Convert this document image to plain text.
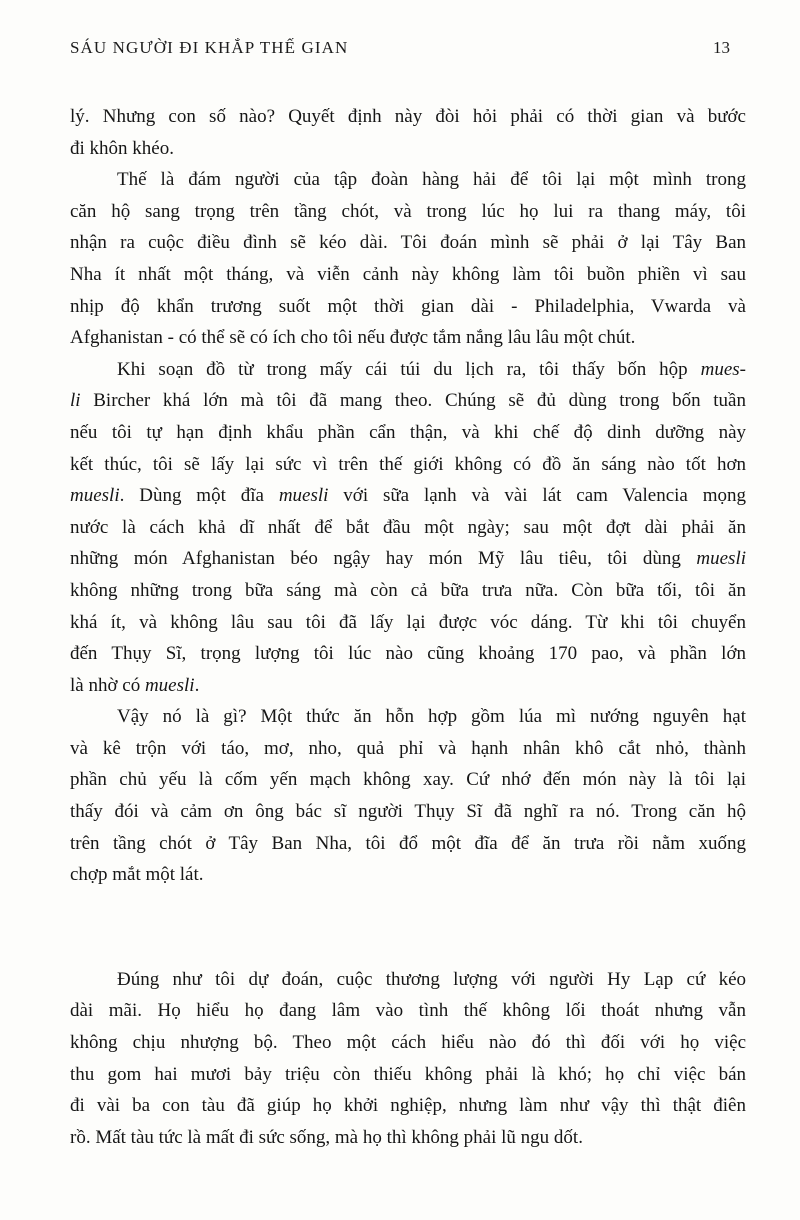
SÁU NGƯỜI ĐI KHẮP THẾ GIAN	13
lý. Nhưng con số nào? Quyết định này đòi hỏi phải có thời gian và bước
đi khôn khéo.
Thế là đám người của tập đoàn hàng hải để tôi lại một mình trong
căn hộ sang trọng trên tầng chót, và trong lúc họ lui ra thang máy, tôi
nhận ra cuộc điều đình sẽ kéo dài. Tôi đoán mình sẽ phải ở lại Tây Ban
Nha ít nhất một tháng, và viễn cảnh này không làm tôi buồn phiền vì sau
nhịp độ khẩn trương suốt một thời gian dài - Philadelphia, Vwarda và
Afghanistan - có thể sẽ có ích cho tôi nếu được tắm nắng lâu lâu một chút.
Khi soạn đồ từ trong mấy cái túi du lịch ra, tôi thấy bốn hộp mues-
li Bircher khá lớn mà tôi đã mang theo. Chúng sẽ đủ dùng trong bốn tuần
nếu tôi tự hạn định khẩu phần cẩn thận, và khi chế độ dinh dưỡng này
kết thúc, tôi sẽ lấy lại sức vì trên thế giới không có đồ ăn sáng nào tốt hơn
muesli. Dùng một đĩa muesli với sữa lạnh và vài lát cam Valencia mọng
nước là cách khả dĩ nhất để bắt đầu một ngày; sau một đợt dài phải ăn
những món Afghanistan béo ngậy hay món Mỹ lâu tiêu, tôi dùng muesli
không những trong bữa sáng mà còn cả bữa trưa nữa. Còn bữa tối, tôi ăn
khá ít, và không lâu sau tôi đã lấy lại được vóc dáng. Từ khi tôi chuyển
đến Thụy Sĩ, trọng lượng tôi lúc nào cũng khoảng 170 pao, và phần lớn
là nhờ có muesli.
Vậy nó là gì? Một thức ăn hỗn hợp gồm lúa mì nướng nguyên hạt
và kê trộn với táo, mơ, nho, quả phỉ và hạnh nhân khô cắt nhỏ, thành
phần chủ yếu là cốm yến mạch không xay. Cứ nhớ đến món này là tôi lại
thấy đói và cảm ơn ông bác sĩ người Thụy Sĩ đã nghĩ ra nó. Trong căn hộ
trên tầng chót ở Tây Ban Nha, tôi đổ một đĩa để ăn trưa rồi nằm xuống
chợp mắt một lát.
Đúng như tôi dự đoán, cuộc thương lượng với người Hy Lạp cứ kéo
dài mãi. Họ hiểu họ đang lâm vào tình thế không lối thoát nhưng vẫn
không chịu nhượng bộ. Theo một cách hiểu nào đó thì đối với họ việc
thu gom hai mươi bảy triệu còn thiếu không phải là khó; họ chỉ việc bán
đi vài ba con tàu đã giúp họ khởi nghiệp, nhưng làm như vậy thì thật điên
rồ. Mất tàu tức là mất đi sức sống, mà họ thì không phải lũ ngu dốt.
